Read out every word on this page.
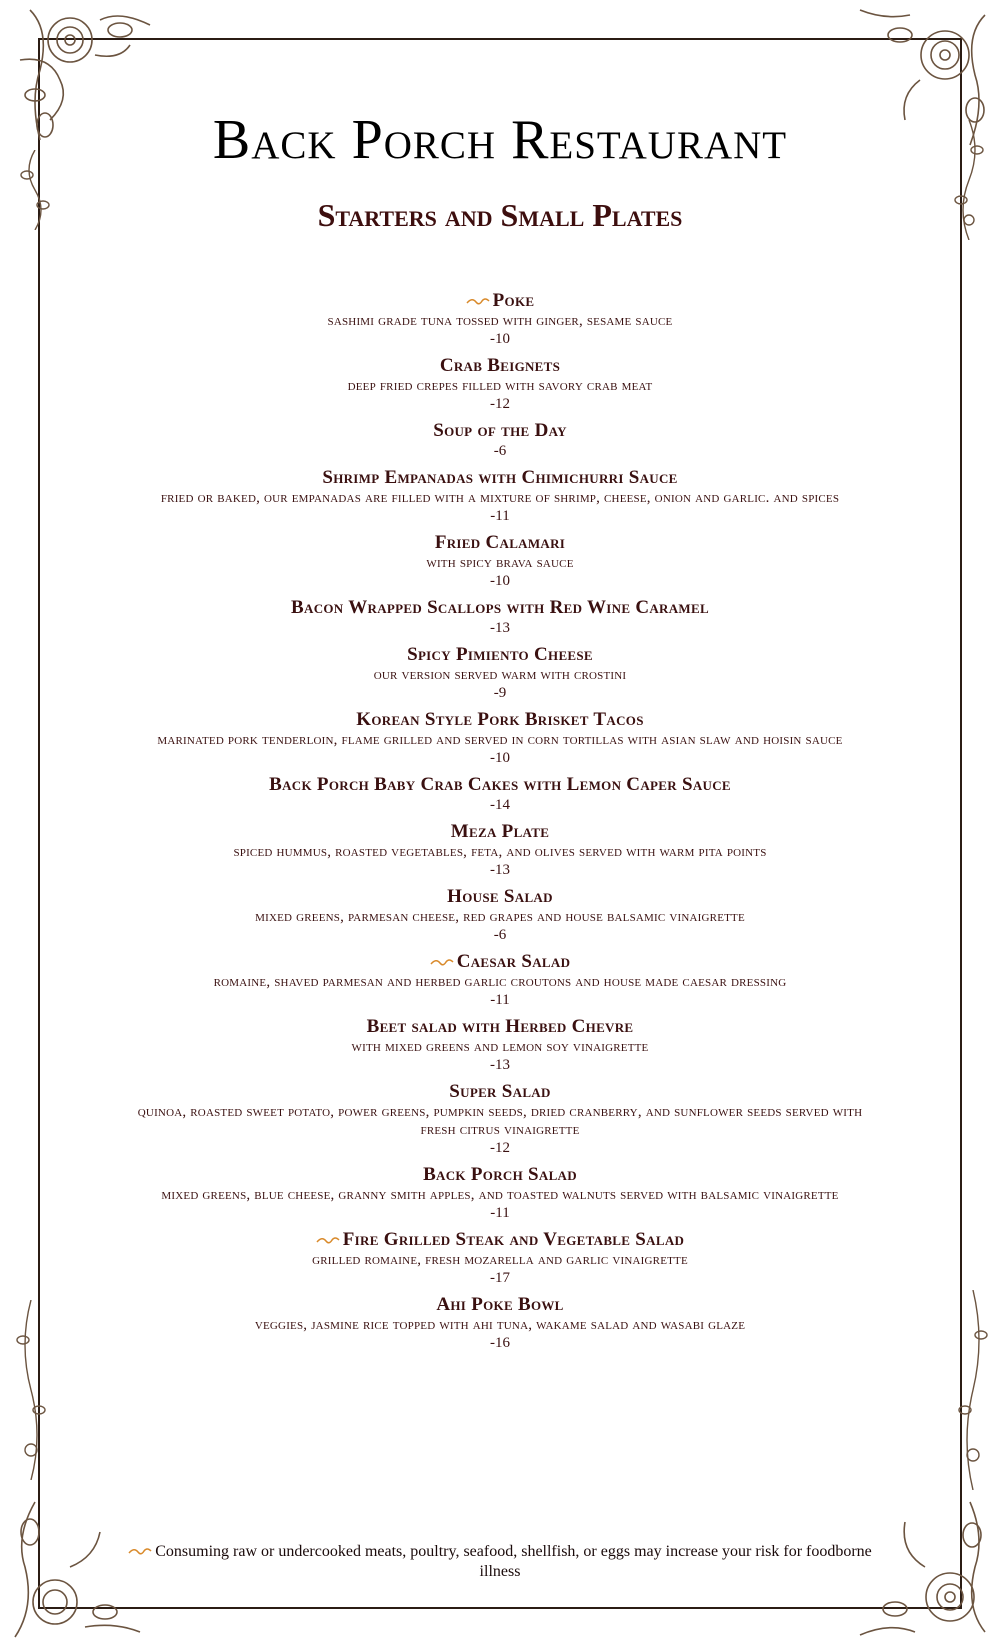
Back Porch Restaurant
Starters and Small Plates
Poke
sashimi grade tuna tossed with ginger, sesame sauce
-10
Crab Beignets
deep fried crepes filled with savory crab meat
-12
Soup of the Day
-6
Shrimp Empanadas with Chimichurri Sauce
fried or baked, our empanadas are filled with a mixture of shrimp, cheese, onion and garlic. and spices
-11
Fried Calamari
with spicy brava sauce
-10
Bacon Wrapped Scallops with Red Wine Caramel
-13
Spicy Pimiento Cheese
our version served warm with crostini
-9
Korean Style Pork Brisket Tacos
marinated pork tenderloin, flame grilled and served in corn tortillas with asian slaw and hoisin sauce
-10
Back Porch Baby Crab Cakes with Lemon Caper Sauce
-14
Meza Plate
spiced hummus, roasted vegetables, feta, and olives served with warm pita points
-13
House Salad
mixed greens, parmesan cheese, red grapes and house balsamic vinaigrette
-6
Caesar Salad
romaine, shaved parmesan and herbed garlic croutons and house made caesar dressing
-11
Beet salad with Herbed Chevre
with mixed greens and lemon soy vinaigrette
-13
Super Salad
quinoa, roasted sweet potato, power greens, pumpkin seeds, dried cranberry, and sunflower seeds served with fresh citrus vinaigrette
-12
Back Porch Salad
mixed greens, blue cheese, granny smith apples, and toasted walnuts served with balsamic vinaigrette
-11
Fire Grilled Steak and Vegetable Salad
grilled romaine, fresh mozarella and garlic vinaigrette
-17
Ahi Poke Bowl
veggies, jasmine rice topped with ahi tuna, wakame salad and wasabi glaze
-16
Consuming raw or undercooked meats, poultry, seafood, shellfish, or eggs may increase your risk for foodborne illness
